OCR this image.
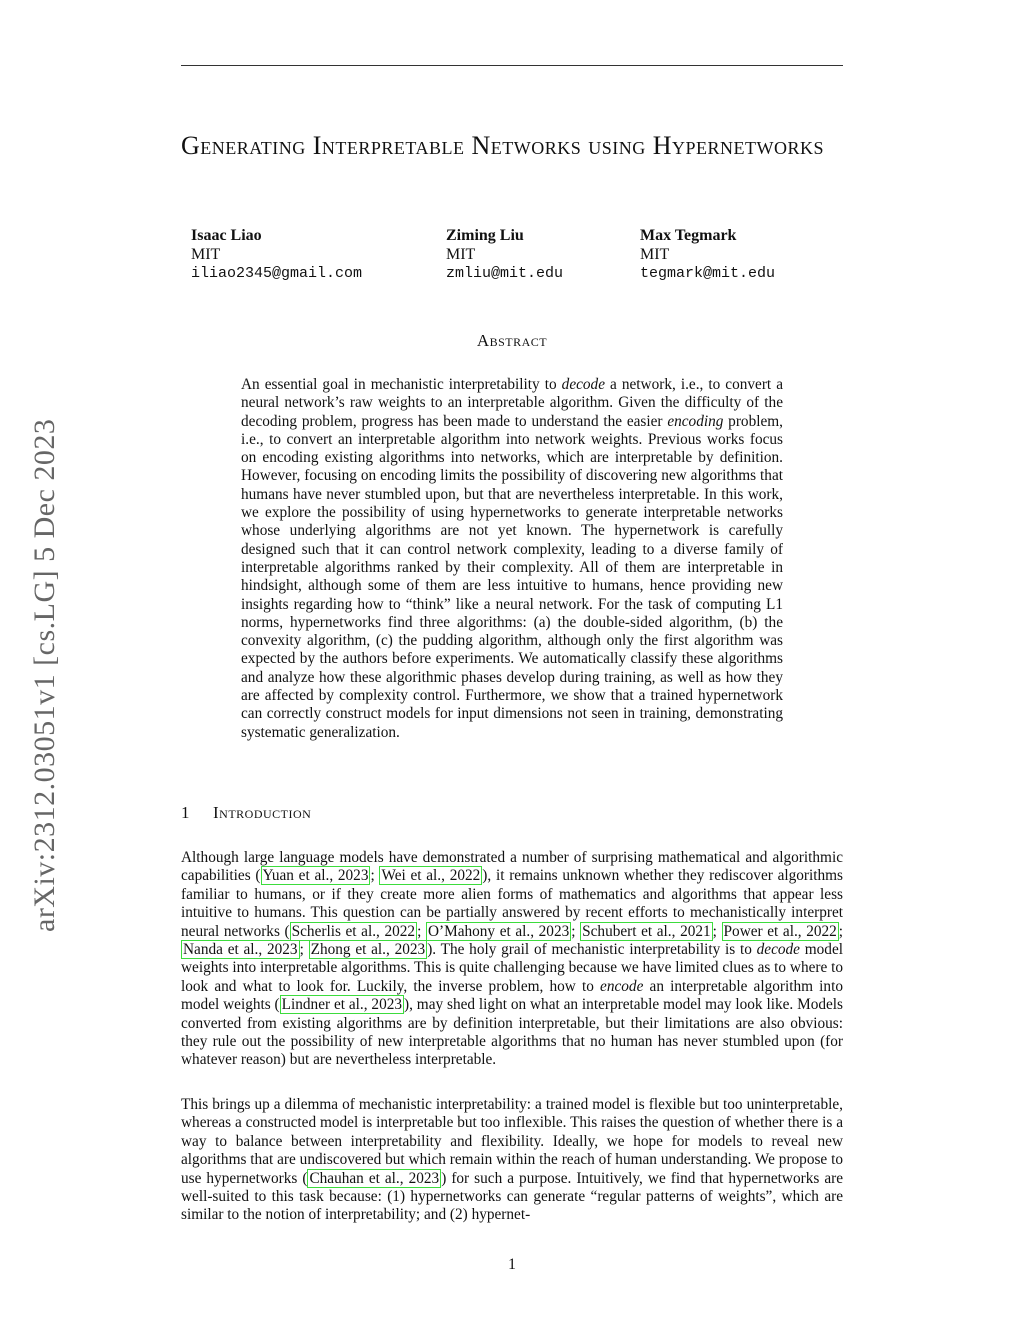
arXiv:2312.03051v1 [cs.LG] 5 Dec 2023
Generating Interpretable Networks using Hypernetworks
Isaac Liao
MIT
iliao2345@gmail.com
Ziming Liu
MIT
zmliu@mit.edu
Max Tegmark
MIT
tegmark@mit.edu
Abstract

An essential goal in mechanistic interpretability to decode a network, i.e., to convert a neural network’s raw weights to an interpretable algorithm. Given the difficulty of the decoding problem, progress has been made to understand the easier encoding problem, i.e., to convert an interpretable algorithm into network weights. Previous works focus on encoding existing algorithms into networks, which are interpretable by definition. However, focusing on encoding limits the possibility of discovering new algorithms that humans have never stumbled upon, but that are nevertheless interpretable. In this work, we explore the possibility of using hypernetworks to generate interpretable networks whose underlying algorithms are not yet known. The hypernetwork is carefully designed such that it can control network complexity, leading to a diverse family of interpretable algorithms ranked by their complexity. All of them are interpretable in hindsight, although some of them are less intuitive to humans, hence providing new insights regarding how to “think” like a neural network. For the task of computing L1 norms, hypernetworks find three algorithms: (a) the double-sided algorithm, (b) the convexity algorithm, (c) the pudding algorithm, although only the first algorithm was expected by the authors before experiments. We automatically classify these algorithms and analyze how these algorithmic phases develop during training, as well as how they are affected by complexity control. Furthermore, we show that a trained hypernetwork can correctly construct models for input dimensions not seen in training, demonstrating systematic generalization.

1 Introduction

Although large language models have demonstrated a number of surprising mathematical and algorithmic capabilities ( Yuan et al., 2023 ; Wei et al., 2022 ), it remains unknown whether they rediscover algorithms familiar to humans, or if they create more alien forms of mathematics and algorithms that appear less intuitive to humans. This question can be partially answered by recent efforts to mechanistically interpret neural networks ( Scherlis et al., 2022 ; O’Mahony et al., 2023 ; Schubert et al., 2021 ; Power et al., 2022 ; Nanda et al., 2023 ; Zhong et al., 2023 ). The holy grail of mechanistic interpretability is to decode model weights into interpretable algorithms. This is quite challenging because we have limited clues as to where to look and what to look for. Luckily, the inverse problem, how to encode an interpretable algorithm into model weights ( Lindner et al., 2023 ), may shed light on what an interpretable model may look like. Models converted from existing algorithms are by definition interpretable, but their limitations are also obvious: they rule out the possibility of new interpretable algorithms that no human has never stumbled upon (for whatever reason) but are nevertheless interpretable.

This brings up a dilemma of mechanistic interpretability: a trained model is flexible but too uninterpretable, whereas a constructed model is interpretable but too inflexible. This raises the question of whether there is a way to balance between interpretability and flexibility. Ideally, we hope for models to reveal new algorithms that are undiscovered but which remain within the reach of human understanding. We propose to use hypernetworks ( Chauhan et al., 2023 ) for such a purpose. Intuitively, we find that hypernetworks are well-suited to this task because: (1) hypernetworks can generate “regular patterns of weights”, which are similar to the notion of interpretability; and (2) hypernet-

1
